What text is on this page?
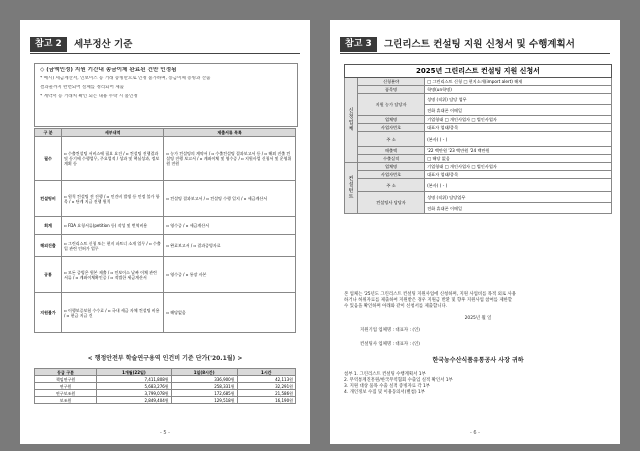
참고 2	세부정산 기준
◇ (금액인정) 지원 기간내 송금이체 완료된 건만 인정됨
* 예시) 세금계산서, 인보이스 등 거래 증빙만으로 인정 불가하며, 송금이체 증빙과 산출
결과물까지 완련되어 실체를 정리되어 제출
* 계약서 등 거래처 확인 되는 내용 누락 시 불인정
구 분	세부내역	제출서류 목록
필수	▫ 수출컨설팅 서비스에 필요 요건 / ▫ 컨설팅 진행결과 및 등기에 수행업무, 주요업적 / 성과 및 핵심성과, 정보계획 등	▫ 농가 컨설팅의 계약서 / ▫ 수출컨설팅 결과보고서 등 / ▫ 해외 진출 컨설팅 진행 보고서 / ▫ 계좌이체 및 영수증 / ▫ 지원사업 신청서 및 운영위원 전원
컨설팅비	▫ 원칙 컨설팅 전 진행 / ▫ 인건비 발생 등 인정 불가 항목 / ▫ 단계 지급 진행 원칙	▫ 컨설팅 결과보고서 / ▫ 컨설팅 수행 일지 / ▫ 세금계산서
회계	▫ FDA 요청서류(petition 등) 작성 및 번역비용	▫ 영수증 / ▫ 세금계산서
해외진출	▫ 그린리스트 신청 또는 현지 파트너 소개 업무 / ▫ 수출입 관련 인허가 업무	▫ 완료보고서 / ▫ 결과증빙자료
공통	▫ 모든 증빙은 원본 제출 / ▫ 인보이스 날짜 이체 관련 서류 / ▫ 계좌이체확인증 / ▫ 적법한 세금계산서	▫ 영수증 / ▫ 통장 사본
지원불가	▫ 이행보증보험 수수료 / ▫ 국내 세금 자체 컨설팅 비용 / ▫ 현금 지급 건	▫ 해당없음
< 행정안전부 학술연구용역 인건비 기준 단가('20.1월) >
등급 구분	1개월(22일)	1일(8시간)	1시간
책임연구원	7,411,808원	336,900원	42,113원
연구원	5,683,276원	258,331원	32,291원
연구보조원	3,799,078원	172,685원	21,586원
보조원	2,849,404원	129,518원	16,190원
- 5 -
참고 3	그린리스트 컨설팅 지원 신청서 및 수행계획서
2025년 그린리스트 컨설팅 지원 신청서		
신청업체	신청분야	□ 그린리스트 신청 □ 현지소개(import alert) 해제
	품목명	학명(un학명)
	지원 농가 담당자	성명 (직위) 담당 업무
		전화 휴대폰 이메일
	업체명	기업형태 □ 개인사업자 □ 법인사업자
	사업자번호	대표자 업태/종목
	주 소	(본사) ( - )
	매출액	'22 백만원 '23 백만원 '24 백만원
	수출실적	□ 해당 없음
컨설턴트	업체명	기업형태 □ 개인사업자 □ 법인사업자
	사업자번호	대표자 업태/종목
	주 소	(본사) ( - )
	컨설팅사 담당자	성명 (직위) 담당업무
		전화 휴대폰 이메일
본 업체는 '25년도 그린리스트 컨설팅 지원사업에 신청하며, 지원 사업비를 목적 외로 사용
하거나 허위자료를 제출하여 지원받은 경우 지원금 반환 및 향후 지원사업 참여를 제한할
수 있음을 확인하며 아래와 같이 신청서를 제출합니다.
2025년 월 일
지원기업 업체명 : 대표자 : (인)
컨설팅사 업체명 : 대표자 : (인)
한국농수산식품유통공사 사장 귀하
첨부 1. 그린리스트 컨설팅 수행계획서 1부
2. 무역통계진흥원/한국무역협회 수출입 실적 확인서 1부
3. 지원 대상 품목 수출 실적 증빙자료 각 1부
4. 개인정보 수집 및 이용동의서(별첨) 1부
- 6 -
